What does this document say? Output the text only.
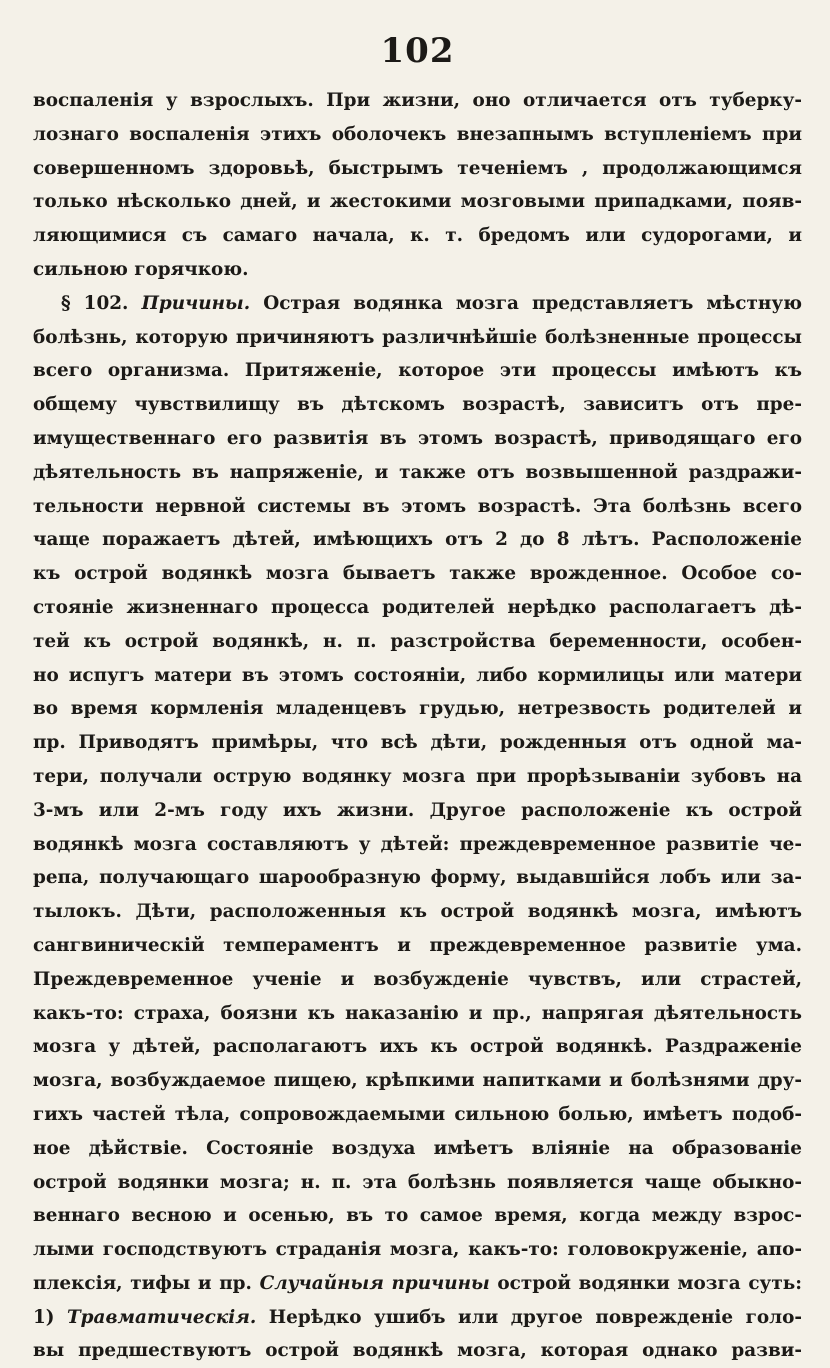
102
воспаленія у взрослыхъ. При жизни, оно отличается отъ туберку-
лознаго воспаленія этихъ оболочекъ внезапнымъ вступленіемъ при
совершенномъ здоровьѣ, быстрымъ теченіемъ , продолжающимся
только нѣсколько дней, и жестокими мозговыми припадками, появ-
ляющимися съ самаго начала, к. т. бредомъ или судорогами, и
сильною горячкою.
§ 102. Причины. Острая водянка мозга представляетъ мѣстную
болѣзнь, которую причиняютъ различнѣйшіе болѣзненные процессы
всего организма. Притяженіе, которое эти процессы имѣютъ къ
общему чувствилищу въ дѣтскомъ возрастѣ, зависитъ отъ пре-
имущественнаго его развитія въ этомъ возрастѣ, приводящаго его
дѣятельность въ напряженіе, и также отъ возвышенной раздражи-
тельности нервной системы въ этомъ возрастѣ. Эта болѣзнь всего
чаще поражаетъ дѣтей, имѣющихъ отъ 2 до 8 лѣтъ. Расположеніе
къ острой водянкѣ мозга бываетъ также врожденное. Особое со-
стояніе жизненнаго процесса родителей нерѣдко располагаетъ дѣ-
тей къ острой водянкѣ, н. п. разстройства беременности, особен-
но испугъ матери въ этомъ состояніи, либо кормилицы или матери
во время кормленія младенцевъ грудью, нетрезвость родителей и
пр. Приводятъ примѣры, что всѣ дѣти, рожденныя отъ одной ма-
тери, получали острую водянку мозга при прорѣзываніи зубовъ на
3-мъ или 2-мъ году ихъ жизни. Другое расположеніе къ острой
водянкѣ мозга составляютъ у дѣтей: преждевременное развитіе че-
репа, получающаго шарообразную форму, выдавшійся лобъ или за-
тылокъ. Дѣти, расположенныя къ острой водянкѣ мозга, имѣютъ
сангвиническій темпераментъ и преждевременное развитіе ума.
Преждевременное ученіе и возбужденіе чувствъ, или страстей,
какъ-то: страха, боязни къ наказанію и пр., напрягая дѣятельность
мозга у дѣтей, располагаютъ ихъ къ острой водянкѣ. Раздраженіе
мозга, возбуждаемое пищею, крѣпкими напитками и болѣзнями дру-
гихъ частей тѣла, сопровождаемыми сильною болью, имѣетъ подоб-
ное дѣйствіе. Состояніе воздуха имѣетъ вліяніе на образованіе
острой водянки мозга; н. п. эта болѣзнь появляется чаще обыкно-
веннаго весною и осенью, въ то самое время, когда между взрос-
лыми господствуютъ страданія мозга, какъ-то: головокруженіе, апо-
плексія, тифы и пр. Случайныя причины острой водянки мозга суть:
1) Травматическія. Нерѣдко ушибъ или другое поврежденіе голо-
вы предшествуютъ острой водянкѣ мозга, которая однако разви-
